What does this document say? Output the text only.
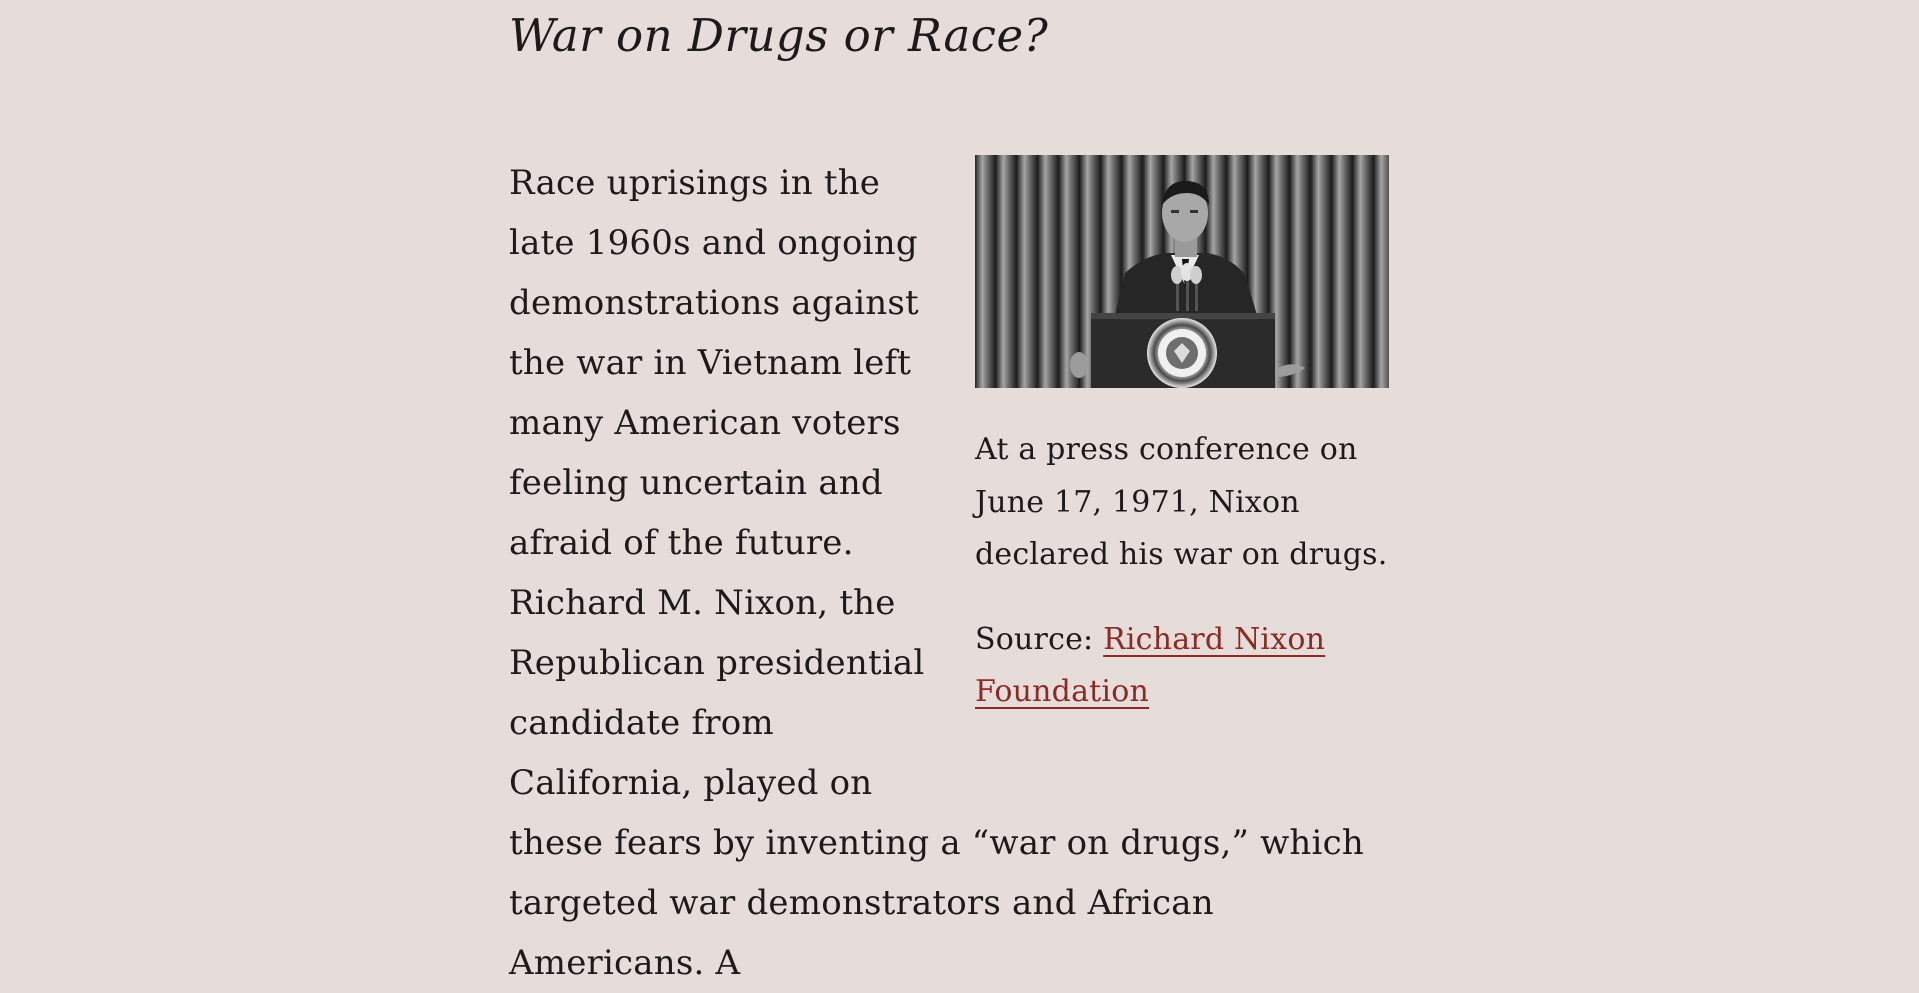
War on Drugs or Race?

At a press conference on June 17, 1971, Nixon declared his war on drugs.

Source: Richard Nixon Foundation

Race uprisings in the late 1960s and ongoing demonstrations against the war in Vietnam left many American voters feeling uncertain and afraid of the future. Richard M. Nixon, the Republican presidential candidate from California, played on these fears by inventing a “war on drugs,” which targeted war demonstrators and African Americans. A
